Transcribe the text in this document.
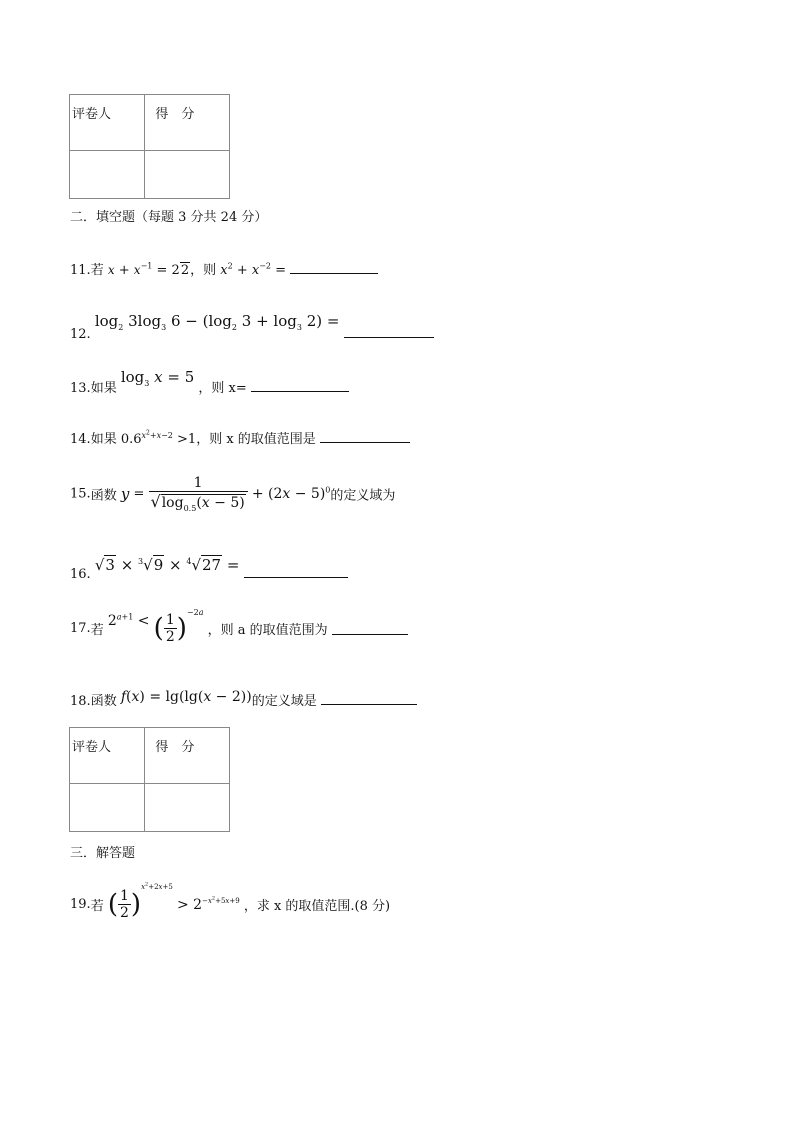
评卷人	得　分

二．填空题（每题 3 分共 24 分）
11.若 $x + x^{-1} = 22$，则 $x^2 + x^{-2}$ =
12. $\log_2 3\log_3$ $6 - (\log_2$ $3 + \log_3 2$) =
13.如果 $\log_3 x = 5$ ，则 x=
14.如果 $0.6^{x^2+x-2} >1$，则 x 的取值范围是
15.函数 $y = \frac{1}{√\log_{0.5}(x - 5)} + (2x - 5)^0$的定义域为
16. √3 × $^3$√9 × $^4$√27 =
17.若 $2^{a+1}$ < ( $\frac{1}{2} )^{-2a}$ ，则 a 的取值范围为
18.函数 f(x) = lg(lg(x − 2))的定义域是
评卷人	得　分

三．解答题
19.若 ( $\frac{1}{2} )^{x^2+2x+5} > 2^{-x^2+5x+9}$ ，求 x 的取值范围.(8 分)
